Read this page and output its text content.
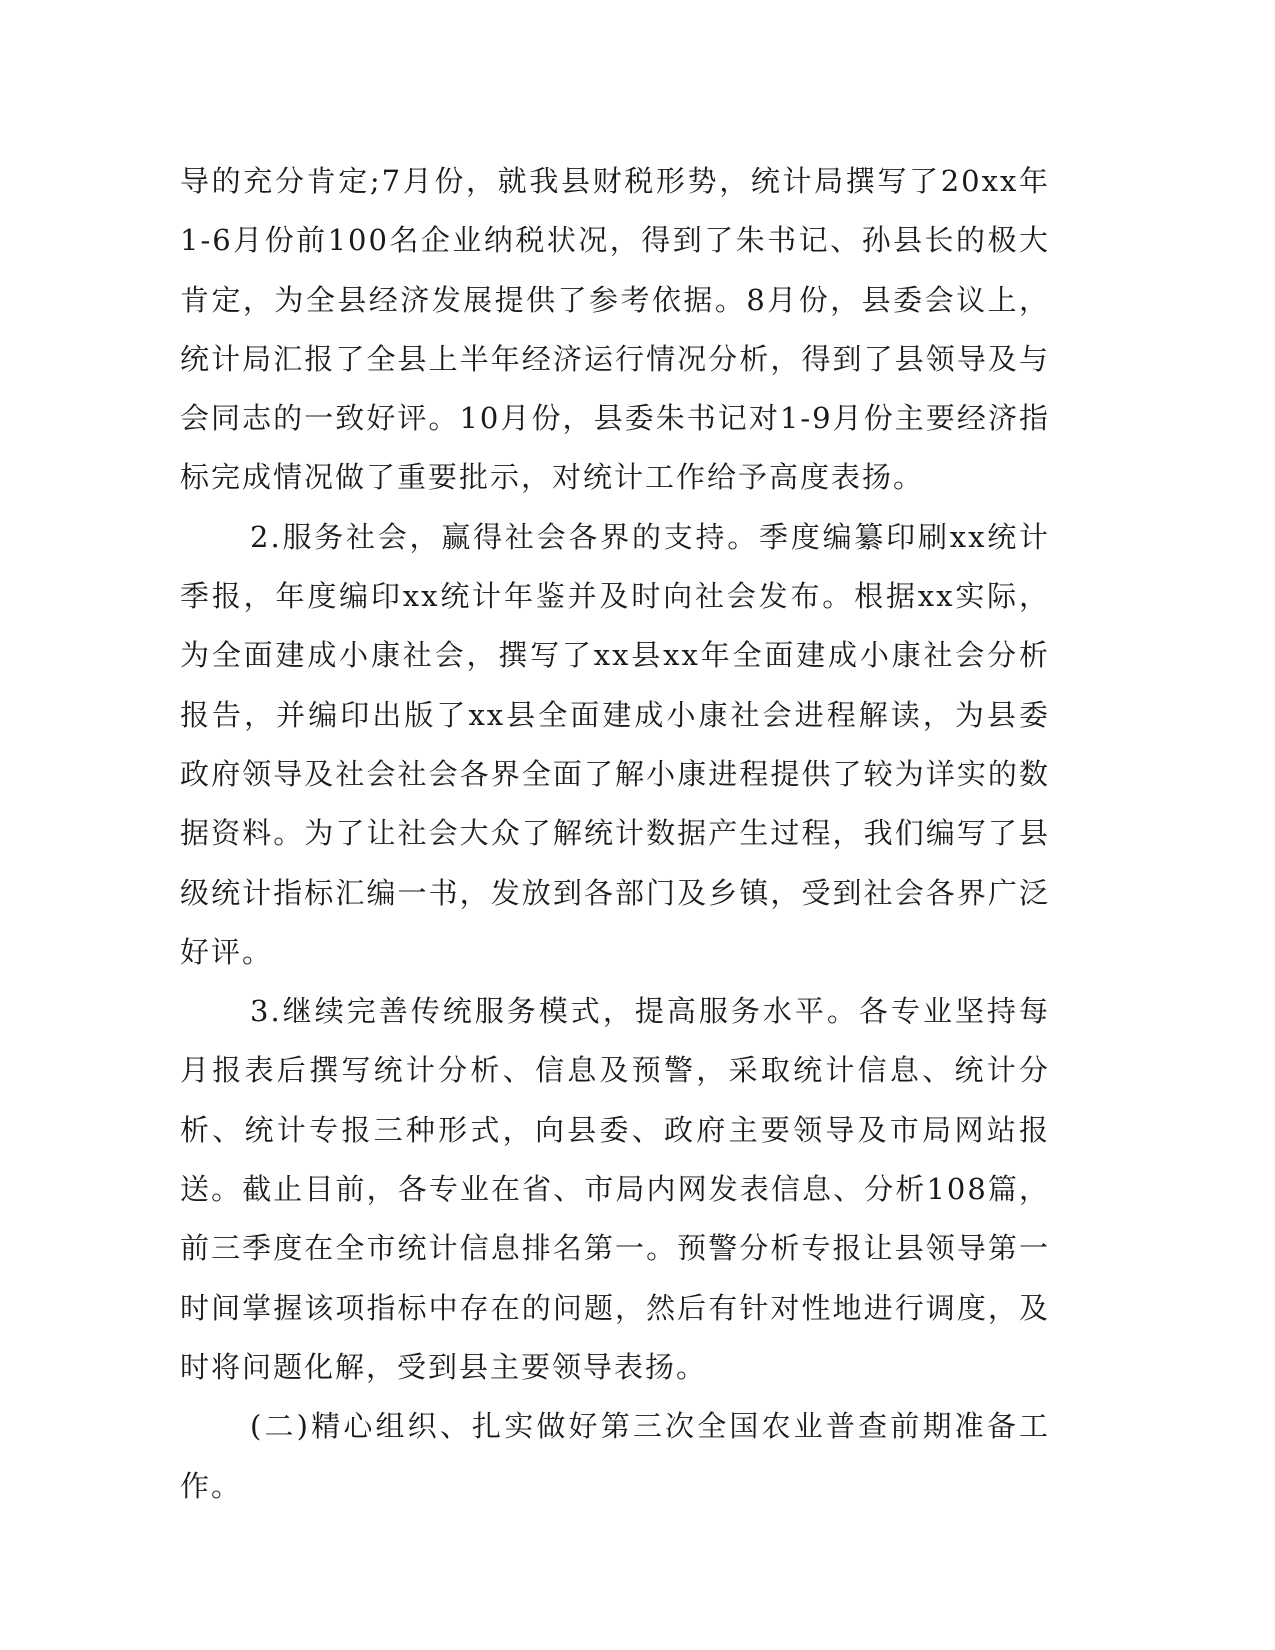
导的充分肯定;7月份，就我县财税形势，统计局撰写了20xx年1-6月份前100名企业纳税状况，得到了朱书记、孙县长的极大肯定，为全县经济发展提供了参考依据。8月份，县委会议上，统计局汇报了全县上半年经济运行情况分析，得到了县领导及与会同志的一致好评。10月份，县委朱书记对1-9月份主要经济指标完成情况做了重要批示，对统计工作给予高度表扬。

2.服务社会，赢得社会各界的支持。季度编纂印刷xx统计季报，年度编印xx统计年鉴并及时向社会发布。根据xx实际，为全面建成小康社会，撰写了xx县xx年全面建成小康社会分析报告，并编印出版了xx县全面建成小康社会进程解读，为县委政府领导及社会社会各界全面了解小康进程提供了较为详实的数据资料。为了让社会大众了解统计数据产生过程，我们编写了县级统计指标汇编一书，发放到各部门及乡镇，受到社会各界广泛好评。

3.继续完善传统服务模式，提高服务水平。各专业坚持每月报表后撰写统计分析、信息及预警，采取统计信息、统计分析、统计专报三种形式，向县委、政府主要领导及市局网站报送。截止目前，各专业在省、市局内网发表信息、分析108篇，前三季度在全市统计信息排名第一。预警分析专报让县领导第一时间掌握该项指标中存在的问题，然后有针对性地进行调度，及时将问题化解，受到县主要领导表扬。

(二)精心组织、扎实做好第三次全国农业普查前期准备工作。
